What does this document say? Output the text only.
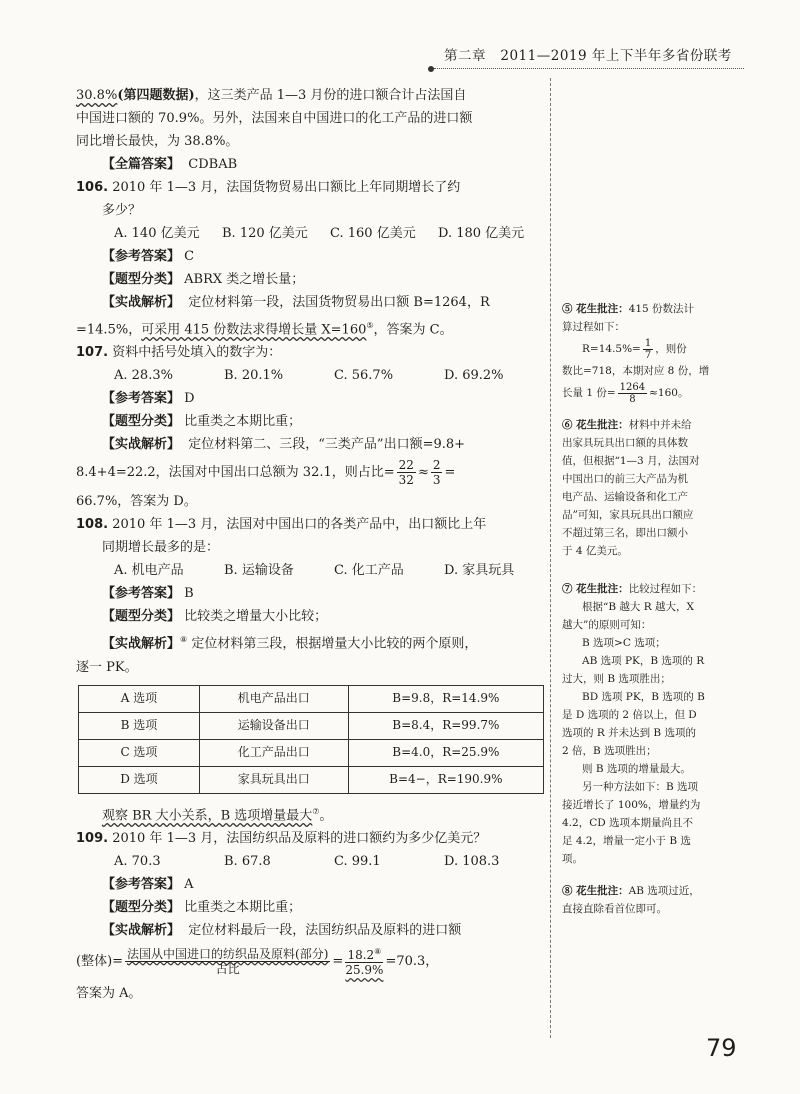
第二章 2011—2019 年上下半年多省份联考
30.8%(第四题数据)，这三类产品 1—3 月份的进口额合计占法国自
中国进口额的 70.9%。另外，法国来自中国进口的化工产品的进口额
同比增长最快，为 38.8%。
【全篇答案】 CDBAB
106. 2010 年 1—3 月，法国货物贸易出口额比上年同期增长了约
多少？
A. 140 亿美元	B. 120 亿美元	C. 160 亿美元	D. 180 亿美元
【参考答案】 C
【题型分类】 ABRX 类之增长量；
【实战解析】 定位材料第一段，法国货物贸易出口额 B=1264，R
=14.5%，可采用 415 份数法求得增长量 X=160⑤，答案为 C。
107. 资料中括号处填入的数字为：
A. 28.3%	B. 20.1%	C. 56.7%	D. 69.2%
【参考答案】 D
【题型分类】 比重类之本期比重；
【实战解析】 定位材料第二、三段，“三类产品”出口额=9.8+
8.4+4=22.2，法国对中国出口总额为 32.1，则占比= $\frac{22}{32} \approx \frac{2}{3}$ =
66.7%，答案为 D。
108. 2010 年 1—3 月，法国对中国出口的各类产品中，出口额比上年
同期增长最多的是：
A. 机电产品	B. 运输设备	C. 化工产品	D. 家具玩具
【参考答案】 B
【题型分类】 比较类之增量大小比较；
【实战解析】⑧ 定位材料第三段，根据增量大小比较的两个原则，
逐一 PK。
A 选项	机电产品出口	B=9.8，R=14.9%
B 选项	运输设备出口	B=8.4，R=99.7%
C 选项	化工产品出口	B=4.0，R=25.9%
D 选项	家具玩具出口	B=4−，R=190.9%
观察 BR 大小关系，B 选项增量最大⑦。
109. 2010 年 1—3 月，法国纺织品及原料的进口额约为多少亿美元？
A. 70.3	B. 67.8	C. 99.1	D. 108.3
【参考答案】 A
【题型分类】 比重类之本期比重；
【实战解析】 定位材料最后一段，法国纺织品及原料的进口额
(整体)= $\frac{\text{法国从中国进口的纺织品及原料(部分)}}{\text{占比}} = \frac{18.2^⑧}{25.9\%} =70.3$，
答案为 A。

⑤ 花生批注：415 份数法计

算过程如下：

$R=14.5\%= \frac{1}{7}$ ，则份

数比=718，本期对应 8 份，增

长量 1 份= $\frac{1264}{8} \approx 160$。

⑥ 花生批注：材料中并未给

出家具玩具出口额的具体数

值，但根据“1—3 月，法国对

中国出口的前三大产品为机

电产品、运输设备和化工产

品”可知，家具玩具出口额应

不超过第三名，即出口额小

于 4 亿美元。

⑦ 花生批注：比较过程如下：

根据“B 越大 R 越大，X

越大”的原则可知：

B 选项>C 选项；

AB 选项 PK，B 选项的 R

过大，则 B 选项胜出；

BD 选项 PK，B 选项的 B

是 D 选项的 2 倍以上，但 D

选项的 R 并未达到 B 选项的

2 倍，B 选项胜出；

则 B 选项的增量最大。

另一种方法如下：B 选项

接近增长了 100%，增量约为

4.2，CD 选项本期量尚且不

足 4.2，增量一定小于 B 选

项。

⑧ 花生批注：AB 选项过近，

直接直除看首位即可。

79
